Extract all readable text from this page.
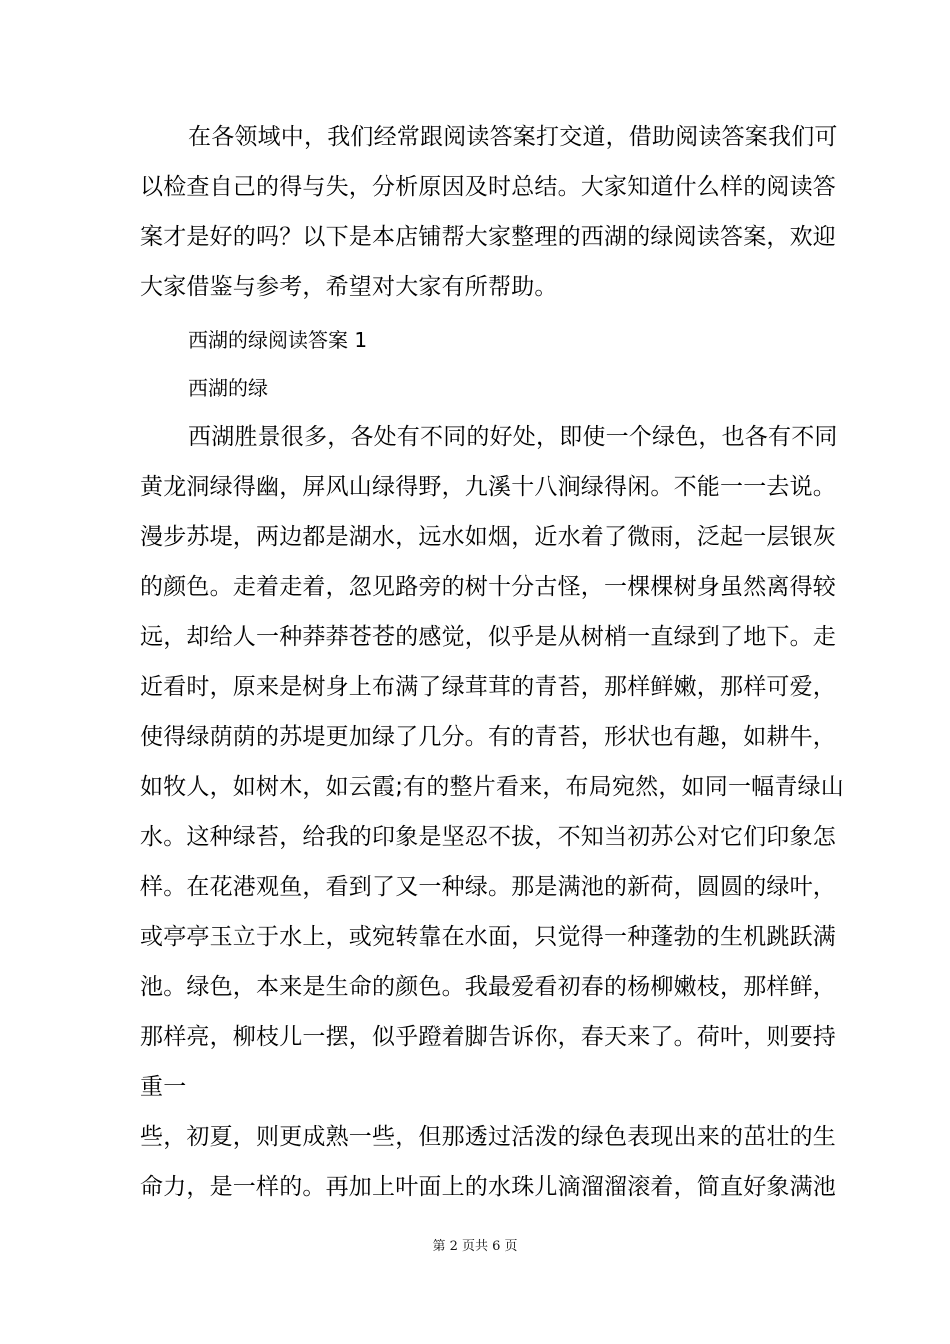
在各领域中，我们经常跟阅读答案打交道，借助阅读答案我们可
以检查自己的得与失，分析原因及时总结。大家知道什么样的阅读答
案才是好的吗？以下是本店铺帮大家整理的西湖的绿阅读答案，欢迎
大家借鉴与参考，希望对大家有所帮助。
西湖的绿阅读答案 1
西湖的绿
西湖胜景很多，各处有不同的好处，即使一个绿色，也各有不同
黄龙洞绿得幽，屏风山绿得野，九溪十八涧绿得闲。不能一一去说。
漫步苏堤，两边都是湖水，远水如烟，近水着了微雨，泛起一层银灰
的颜色。走着走着，忽见路旁的树十分古怪，一棵棵树身虽然离得较
远，却给人一种莽莽苍苍的感觉，似乎是从树梢一直绿到了地下。走
近看时，原来是树身上布满了绿茸茸的青苔，那样鲜嫩，那样可爱，
使得绿荫荫的苏堤更加绿了几分。有的青苔，形状也有趣，如耕牛，
如牧人，如树木，如云霞;有的整片看来，布局宛然，如同一幅青绿山
水。这种绿苔，给我的印象是坚忍不拔，不知当初苏公对它们印象怎
样。在花港观鱼，看到了又一种绿。那是满池的新荷，圆圆的绿叶，
或亭亭玉立于水上，或宛转靠在水面，只觉得一种蓬勃的生机跳跃满
池。绿色，本来是生命的颜色。我最爱看初春的杨柳嫩枝，那样鲜，
那样亮，柳枝儿一摆，似乎蹬着脚告诉你，春天来了。荷叶，则要持
重一
些，初夏，则更成熟一些，但那透过活泼的绿色表现出来的茁壮的生
命力，是一样的。再加上叶面上的水珠儿滴溜溜滚着，简直好象满池
第 2 页共 6 页
